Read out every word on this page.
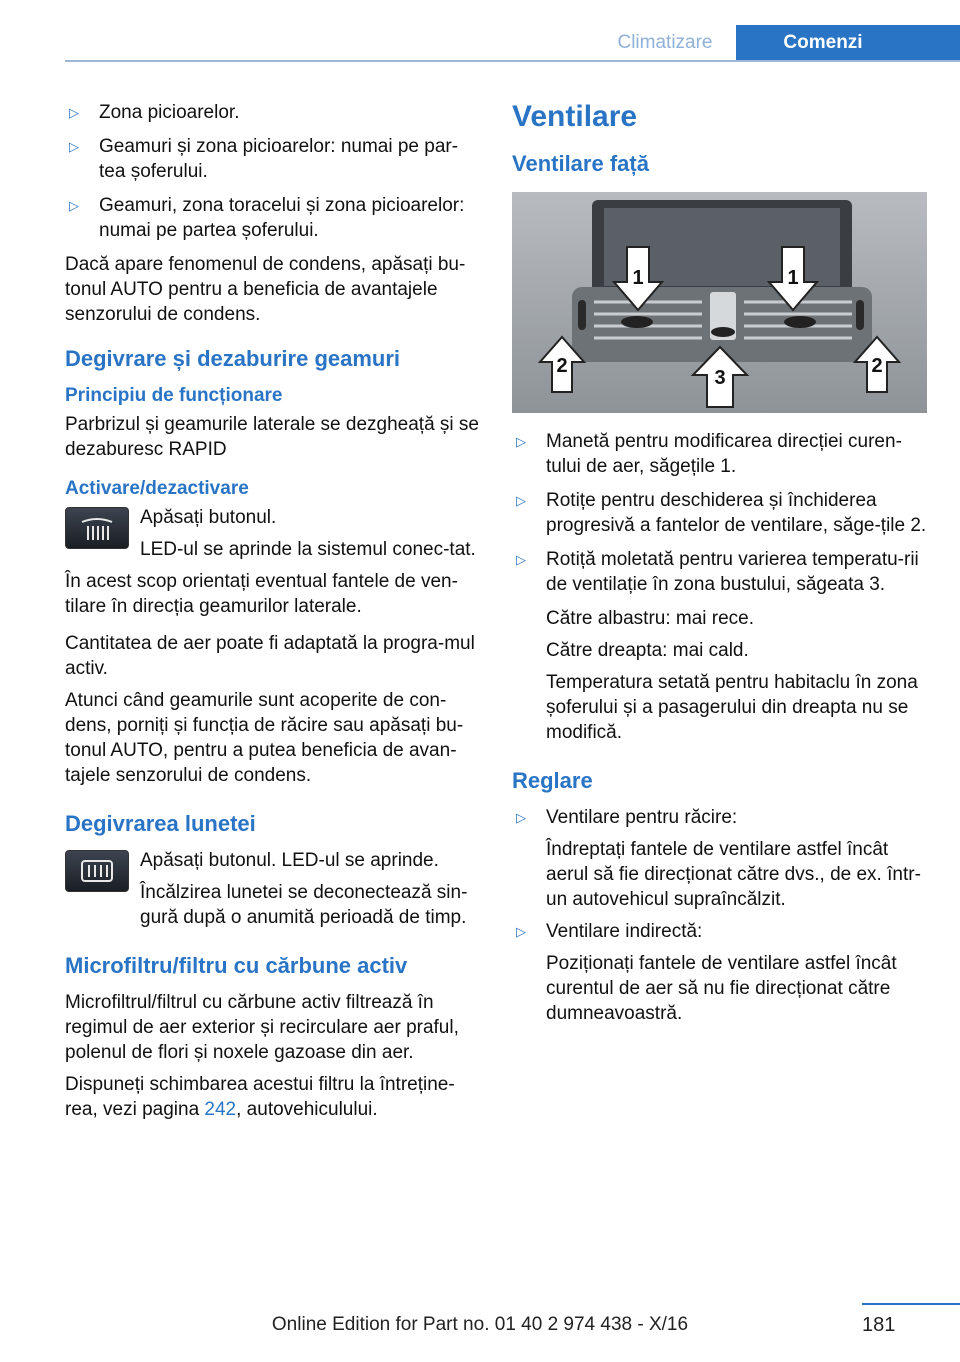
Climatizare	Comenzi
▷ Zona picioarelor.
▷ Geamuri și zona picioarelor: numai pe par‐tea șoferului.
▷ Geamuri, zona toracelui și zona picioarelor: numai pe partea șoferului.

Dacă apare fenomenul de condens, apăsați bu‐tonul AUTO pentru a beneficia de avantajele senzorului de condens.

Degivrare și dezaburire geamuri
Principiu de funcționare

Parbrizul și geamurile laterale se dezgheață și se dezaburesc RAPID

Activare/dezactivare

Apăsați butonul.

LED-ul se aprinde la sistemul conec‐tat.

În acest scop orientați eventual fantele de ven‐tilare în direcția geamurilor laterale.

Cantitatea de aer poate fi adaptată la progra‐mul activ.

Atunci când geamurile sunt acoperite de con‐dens, porniți și funcția de răcire sau apăsați bu‐tonul AUTO, pentru a putea beneficia de avan‐tajele senzorului de condens.

Degivrarea lunetei

Apăsați butonul. LED-ul se aprinde.

Încălzirea lunetei se deconectează sin‐gură după o anumită perioadă de timp.

Microfiltru/filtru cu cărbune activ

Microfiltrul/filtrul cu cărbune activ filtrează în regimul de aer exterior și recirculare aer praful, polenul de flori și noxele gazoase din aer.

Dispuneți schimbarea acestui filtru la întreține‐rea, vezi pagina 242, autovehiculului.

Ventilare
Ventilare față
1	1
2
3
2
▷ Manetă pentru modificarea direcției curen‐tului de aer, săgețile 1.
▷ Rotițe pentru deschiderea și închiderea progresivă a fantelor de ventilare, săge‐țile 2.
▷ Rotiță moletată pentru varierea temperatu‐rii de ventilație în zona bustului, săgeata 3.

Către albastru: mai rece.

Către dreapta: mai cald.

Temperatura setată pentru habitaclu în zona șoferului și a pasagerului din dreapta nu se modifică.

Reglare
▷ Ventilare pentru răcire:

Îndreptați fantele de ventilare astfel încât aerul să fie direcționat către dvs., de ex. într-un autovehicul supraîncălzit.

▷ Ventilare indirectă:

Poziționați fantele de ventilare astfel încât curentul de aer să nu fie direcționat către dumneavoastră.

181
Online Edition for Part no. 01 40 2 974 438 - X/16
